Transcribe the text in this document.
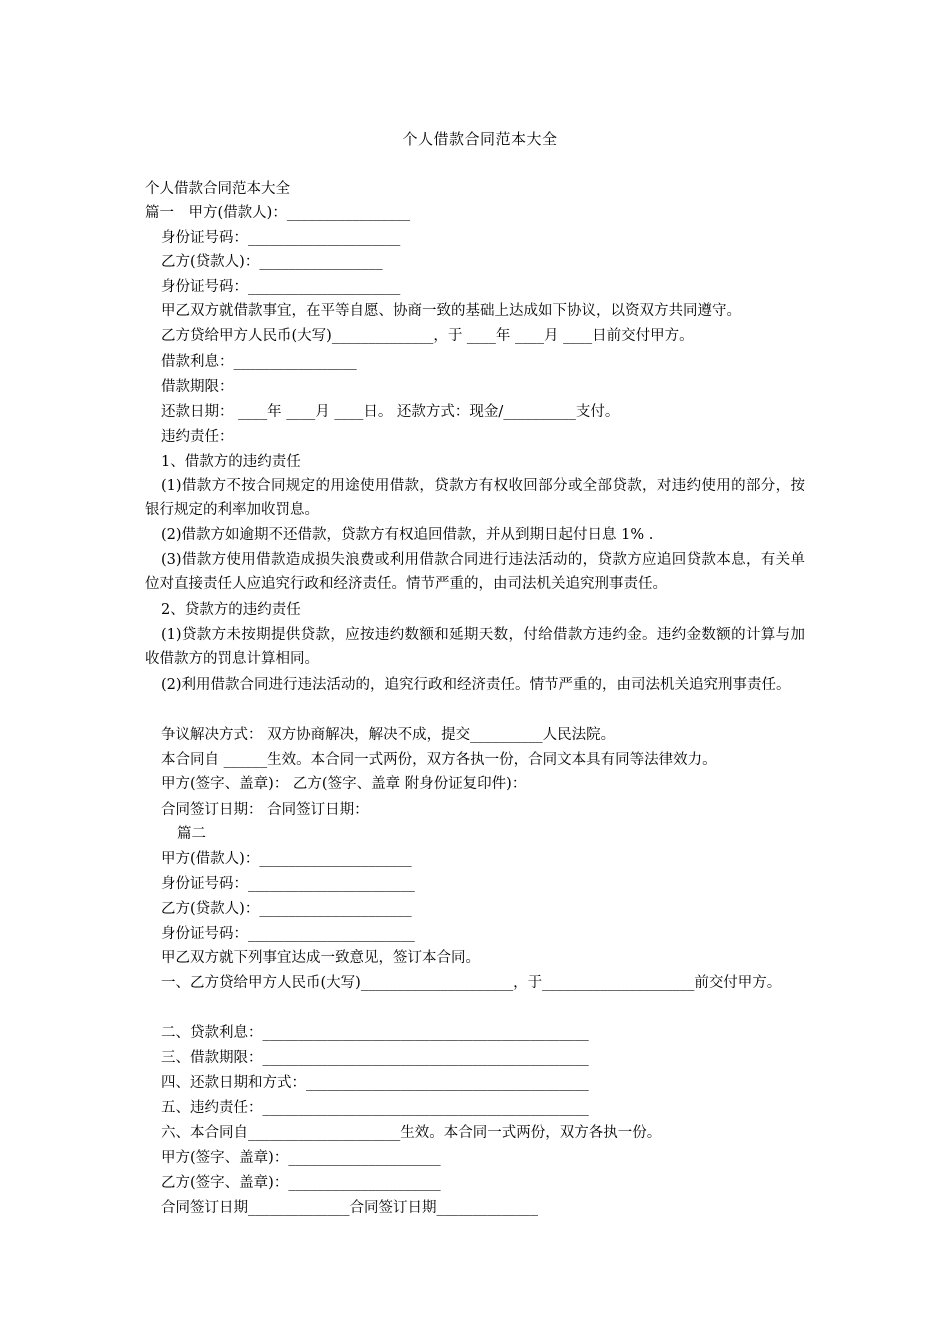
个人借款合同范本大全
个人借款合同范本大全
篇一　甲方(借款人)：_________________
身份证号码：_____________________
乙方(贷款人)：_________________
身份证号码：_____________________
甲乙双方就借款事宜，在平等自愿、协商一致的基础上达成如下协议，以资双方共同遵守。
乙方贷给甲方人民币(大写)______________，于 ____年 ____月 ____日前交付甲方。
借款利息：_________________
借款期限：
还款日期： ____年 ____月 ____日。 还款方式：现金/__________支付。
违约责任：
1、借款方的违约责任
(1)借款方不按合同规定的用途使用借款，贷款方有权收回部分或全部贷款，对违约使用的部分，按银行规定的利率加收罚息。
(2)借款方如逾期不还借款，贷款方有权追回借款，并从到期日起付日息 1% .
(3)借款方使用借款造成损失浪费或利用借款合同进行违法活动的，贷款方应追回贷款本息，有关单位对直接责任人应追究行政和经济责任。情节严重的，由司法机关追究刑事责任。
2、贷款方的违约责任
(1)贷款方未按期提供贷款，应按违约数额和延期天数，付给借款方违约金。违约金数额的计算与加收借款方的罚息计算相同。
(2)利用借款合同进行违法活动的，追究行政和经济责任。情节严重的，由司法机关追究刑事责任。
争议解决方式： 双方协商解决，解决不成，提交__________人民法院。
本合同自 ______生效。本合同一式两份，双方各执一份，合同文本具有同等法律效力。
甲方(签字、盖章)： 乙方(签字、盖章 附身份证复印件)：
合同签订日期： 合同签订日期：
篇二
甲方(借款人)：_____________________
身份证号码：_______________________
乙方(贷款人)：_____________________
身份证号码：_______________________
甲乙双方就下列事宜达成一致意见，签订本合同。
一、乙方贷给甲方人民币(大写)_____________________，于_____________________前交付甲方。
二、贷款利息：_____________________________________________
三、借款期限：_____________________________________________
四、还款日期和方式：_______________________________________
五、违约责任：_____________________________________________
六、本合同自_____________________生效。本合同一式两份，双方各执一份。
甲方(签字、盖章)：_____________________
乙方(签字、盖章)：_____________________
合同签订日期______________合同签订日期______________
